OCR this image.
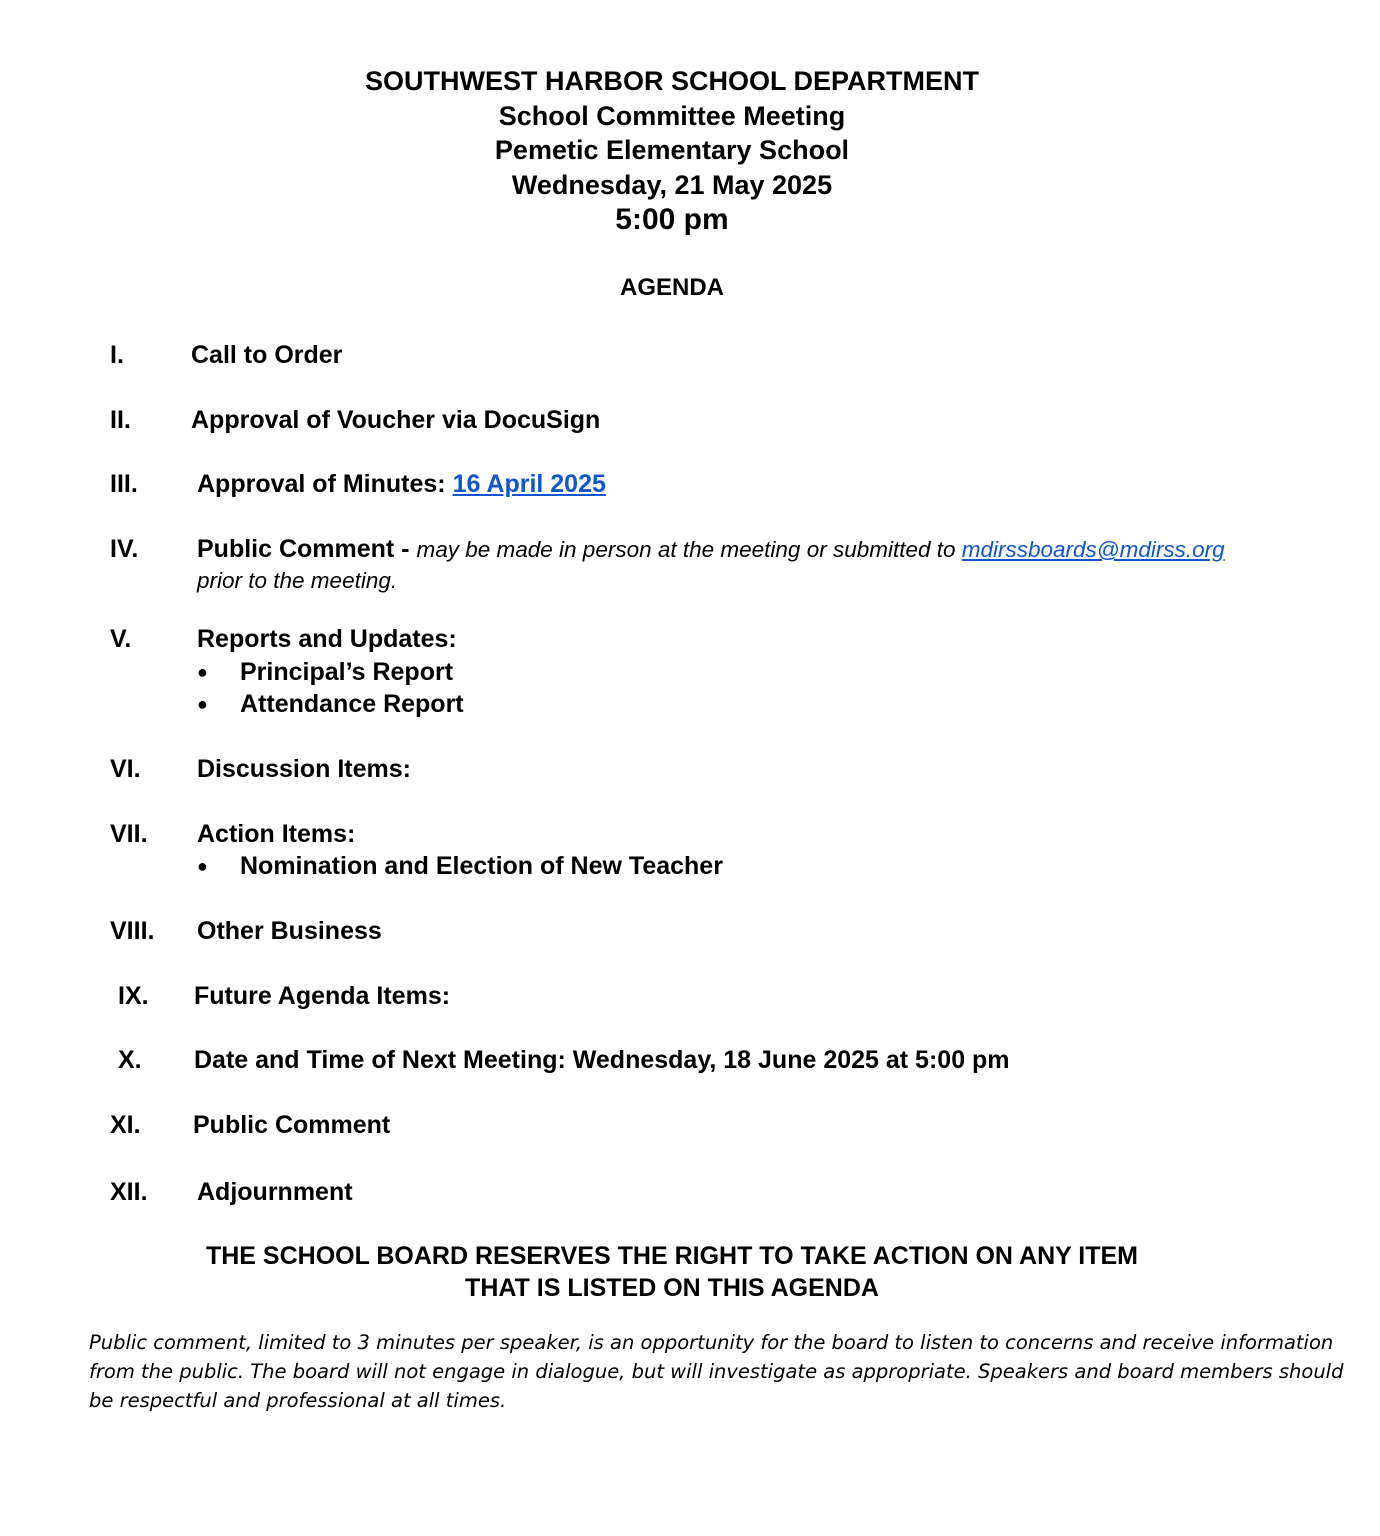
SOUTHWEST HARBOR SCHOOL DEPARTMENT
School Committee Meeting
Pemetic Elementary School
Wednesday, 21 May 2025
5:00 pm
AGENDA
I.	Call to Order
II. Approval of Voucher via DocuSign
III. Approval of Minutes: 16 April 2025
IV. Public Comment - may be made in person at the meeting or submitted to mdirssboards@mdirss.org
prior to the meeting.
V.	Reports and Updates:
● Principal’s Report
● Attendance Report
VI. Discussion Items:
VII. Action Items:
● Nomination and Election of New Teacher
VIII. Other Business
IX. Future Agenda Items:
X. Date and Time of Next Meeting: Wednesday, 18 June 2025 at 5:00 pm
XI. Public Comment
XII. Adjournment
THE SCHOOL BOARD RESERVES THE RIGHT TO TAKE ACTION ON ANY ITEM
THAT IS LISTED ON THIS AGENDA
Public comment, limited to 3 minutes per speaker, is an opportunity for the board to listen to concerns and receive information from the public. The board will not engage in dialogue, but will investigate as appropriate. Speakers and board members should be respectful and professional at all times.
